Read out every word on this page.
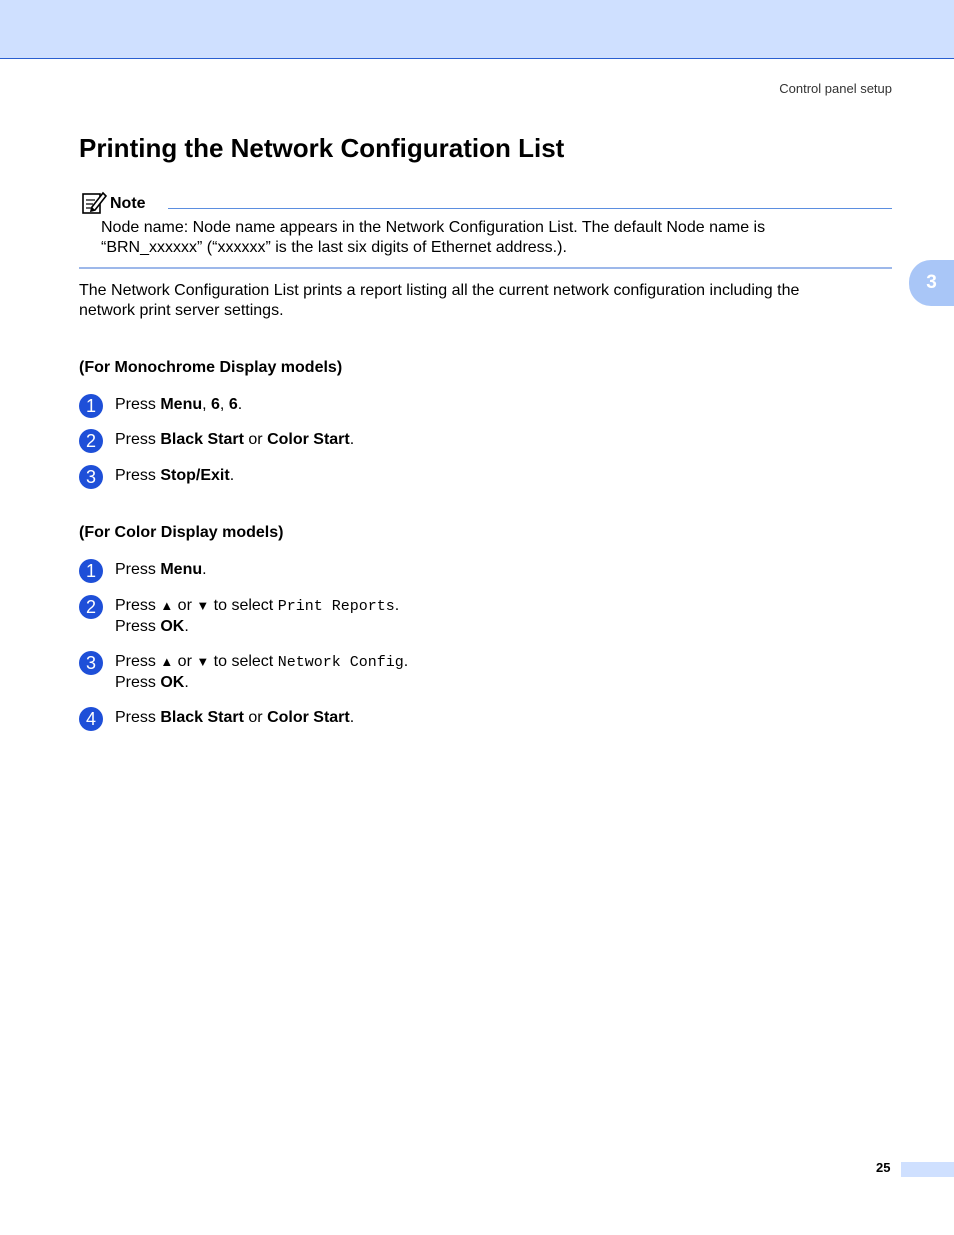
Control panel setup
3
Printing the Network Configuration List
Note

Node name: Node name appears in the Network Configuration List. The default Node name is
“BRN_xxxxxx” (“xxxxxx” is the last six digits of Ethernet address.).

The Network Configuration List prints a report listing all the current network configuration including the
network print server settings.

(For Monochrome Display models)
1	Press Menu, 6, 6.
2	Press Black Start or Color Start.
3	Press Stop/Exit.
(For Color Display models)
1	Press Menu.
2	Press ▲ or ▼ to select Print Reports.
Press OK.
3	Press ▲ or ▼ to select Network Config.
Press OK.
4	Press Black Start or Color Start.
25
